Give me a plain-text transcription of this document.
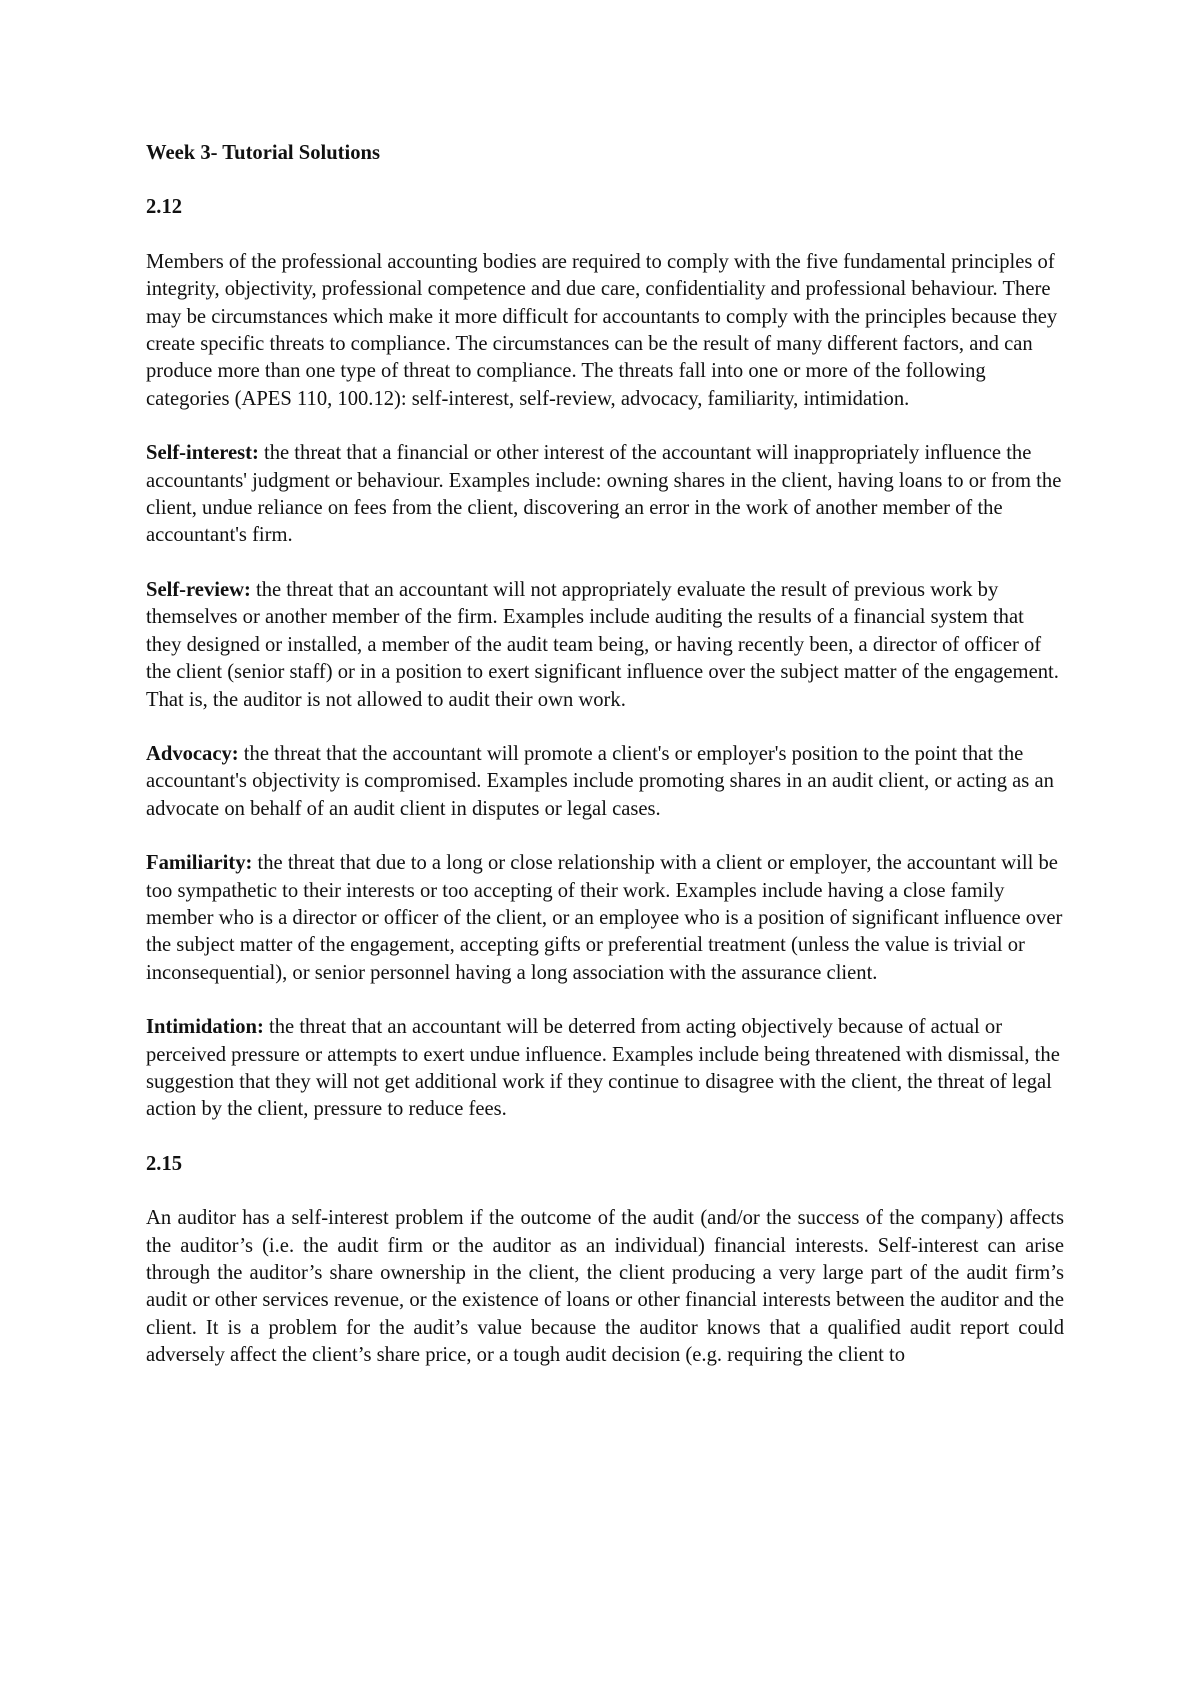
Week 3- Tutorial Solutions
2.12

Members of the professional accounting bodies are required to comply with the five fundamental principles of integrity, objectivity, professional competence and due care, confidentiality and professional behaviour. There may be circumstances which make it more difficult for accountants to comply with the principles because they create specific threats to compliance. The circumstances can be the result of many different factors, and can produce more than one type of threat to compliance. The threats fall into one or more of the following categories (APES 110, 100.12): self-interest, self-review, advocacy, familiarity, intimidation.

Self-interest: the threat that a financial or other interest of the accountant will inappropriately influence the accountants' judgment or behaviour. Examples include: owning shares in the client, having loans to or from the client, undue reliance on fees from the client, discovering an error in the work of another member of the accountant's firm.

Self-review: the threat that an accountant will not appropriately evaluate the result of previous work by themselves or another member of the firm. Examples include auditing the results of a financial system that they designed or installed, a member of the audit team being, or having recently been, a director of officer of the client (senior staff) or in a position to exert significant influence over the subject matter of the engagement. That is, the auditor is not allowed to audit their own work.

Advocacy: the threat that the accountant will promote a client's or employer's position to the point that the accountant's objectivity is compromised. Examples include promoting shares in an audit client, or acting as an advocate on behalf of an audit client in disputes or legal cases.

Familiarity: the threat that due to a long or close relationship with a client or employer, the accountant will be too sympathetic to their interests or too accepting of their work. Examples include having a close family member who is a director or officer of the client, or an employee who is a position of significant influence over the subject matter of the engagement, accepting gifts or preferential treatment (unless the value is trivial or inconsequential), or senior personnel having a long association with the assurance client.

Intimidation: the threat that an accountant will be deterred from acting objectively because of actual or perceived pressure or attempts to exert undue influence. Examples include being threatened with dismissal, the suggestion that they will not get additional work if they continue to disagree with the client, the threat of legal action by the client, pressure to reduce fees.

2.15

An auditor has a self-interest problem if the outcome of the audit (and/or the success of the company) affects the auditor’s (i.e. the audit firm or the auditor as an individual) financial interests. Self-interest can arise through the auditor’s share ownership in the client, the client producing a very large part of the audit firm’s audit or other services revenue, or the existence of loans or other financial interests between the auditor and the client. It is a problem for the audit’s value because the auditor knows that a qualified audit report could adversely affect the client’s share price, or a tough audit decision (e.g. requiring the client to
